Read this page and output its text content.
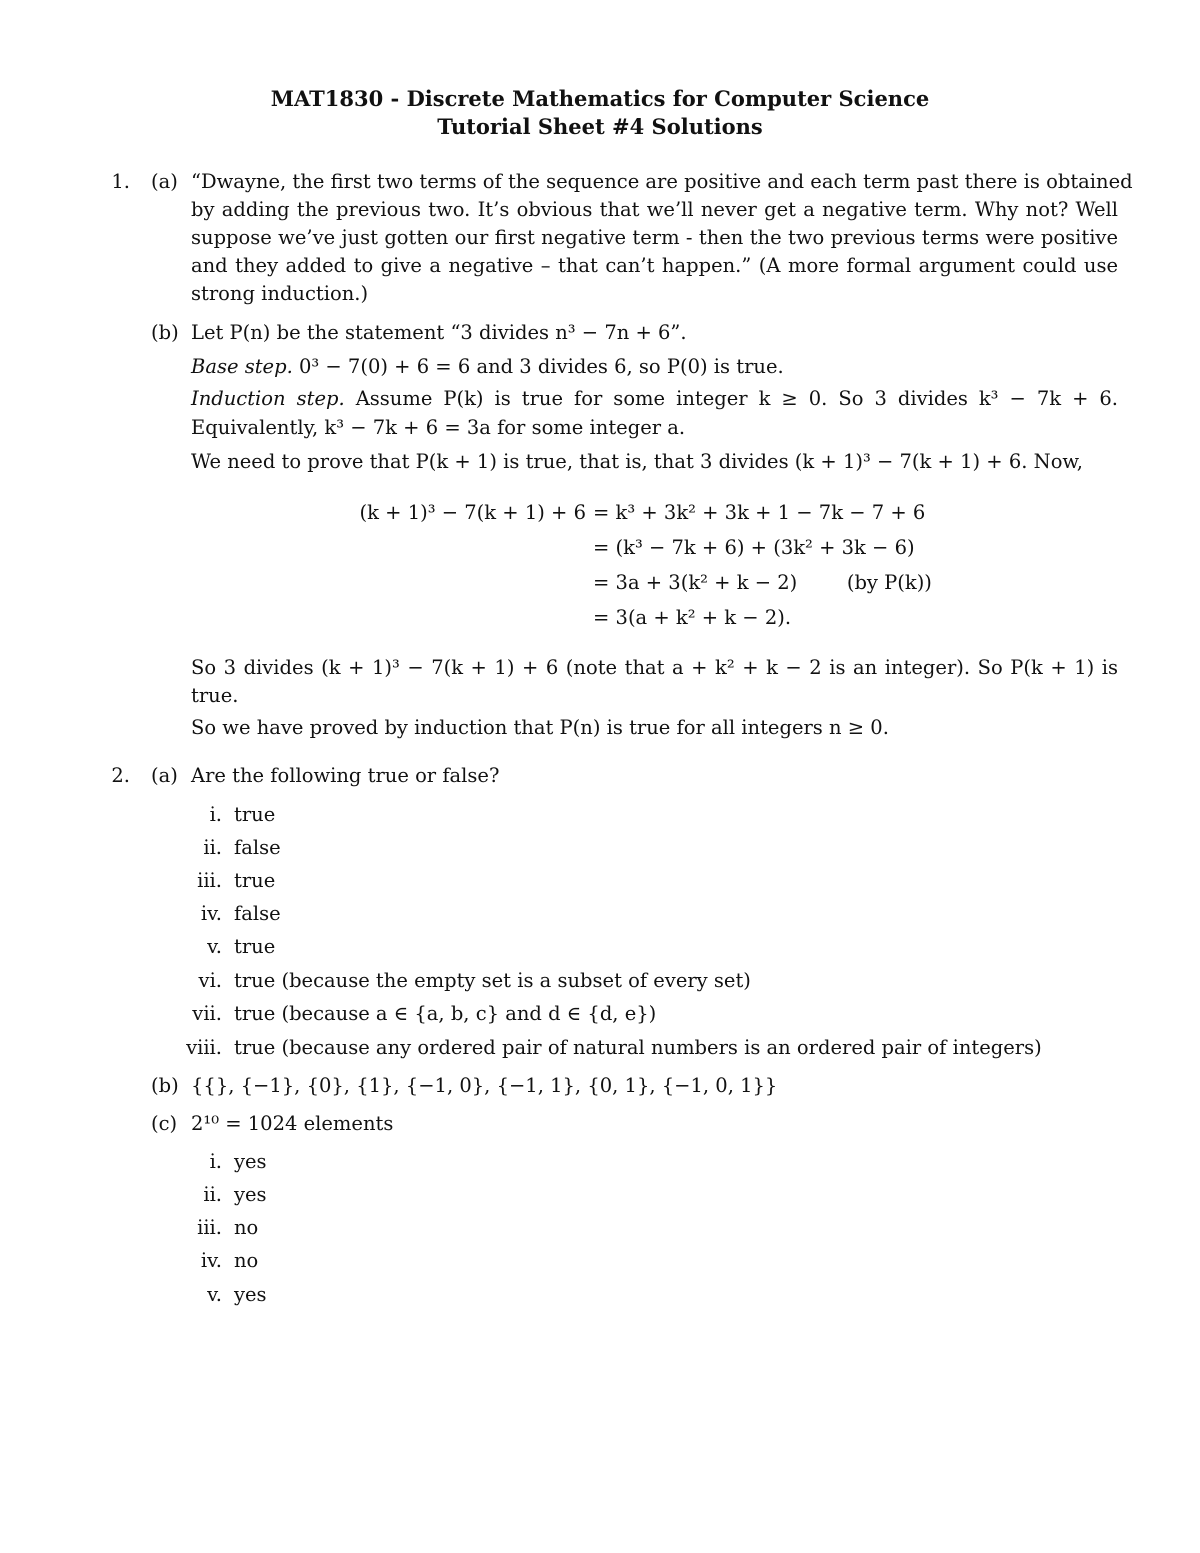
MAT1830 - Discrete Mathematics for Computer Science
Tutorial Sheet #4 Solutions
1. (a) “Dwayne, the first two terms of the sequence are positive and each term past there is obtained
by adding the previous two. It’s obvious that we’ll never get a negative term. Why not? Well
suppose we’ve just gotten our first negative term - then the two previous terms were positive
and they added to give a negative – that can’t happen.” (A more formal argument could use
strong induction.)
(b) Let P(n) be the statement “3 divides n³ − 7n + 6”.
Base step. 0³ − 7(0) + 6 = 6 and 3 divides 6, so P(0) is true.
Induction step. Assume P(k) is true for some integer k ≥ 0. So 3 divides k³ − 7k + 6.
Equivalently, k³ − 7k + 6 = 3a for some integer a.
We need to prove that P(k + 1) is true, that is, that 3 divides (k + 1)³ − 7(k + 1) + 6. Now,
(k + 1)³ − 7(k + 1) + 6 = k³ + 3k² + 3k + 1 − 7k − 7 + 6
= (k³ − 7k + 6) + (3k² + 3k − 6)
= 3a + 3(k² + k − 2)        (by P(k))
= 3(a + k² + k − 2).
So 3 divides (k + 1)³ − 7(k + 1) + 6 (note that a + k² + k − 2 is an integer). So P(k + 1) is
true.
So we have proved by induction that P(n) is true for all integers n ≥ 0.
2. (a) Are the following true or false?
i. true
ii. false
iii. true
iv. false
v. true
vi. true (because the empty set is a subset of every set)
vii. true (because a ∈ {a, b, c} and d ∈ {d, e})
viii. true (because any ordered pair of natural numbers is an ordered pair of integers)
(b) {{}, {−1}, {0}, {1}, {−1, 0}, {−1, 1}, {0, 1}, {−1, 0, 1}}
(c) 2¹⁰ = 1024 elements
i. yes
ii. yes
iii. no
iv. no
v. yes
